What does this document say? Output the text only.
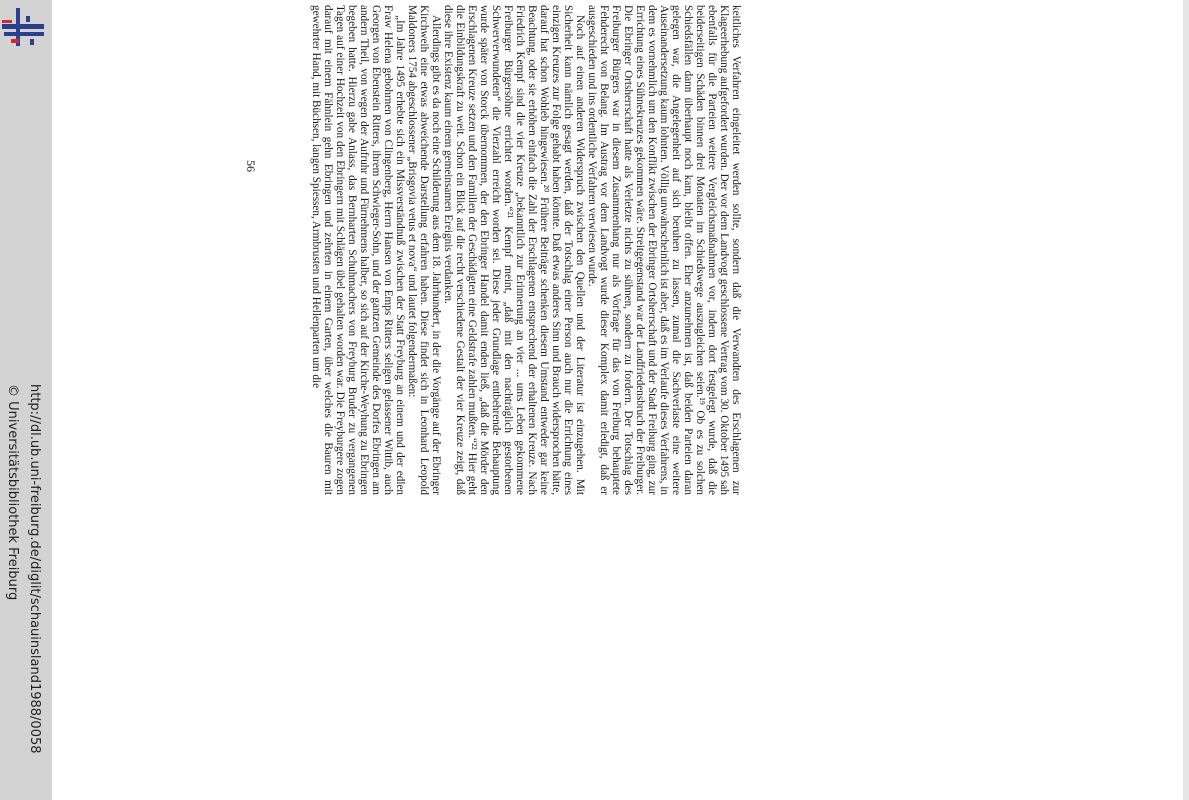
http://dl.ub.uni-freiburg.de/diglit/schauinsland1988/0058
© Universitätsbibliothek Freiburg
56	keitliches Verfahren eingeleitet werden sollte, sondern daß die Verwandten des Erschlagenen zur Klageerhebung aufgefordert wurden. Der vor dem Landvogt geschlossene Vertrag vom 30. Oktober 1495 sah ebenfalls für die Parteien weitere Vergleichsmaßnahmen vor, indem dort festgelegt wurde, daß die beiderseitigen Schäden binnen drei Monaten im Schiedswege auszugleichen seien.¹⁹ Ob es zu solchen Schiedsfällen dann überhaupt noch kam, bleibt offen. Eher anzunehmen ist, daß beiden Parteien daran gelegen war, die Angelegenheit auf sich beruhen zu lassen, zumal die Sachverlaste eine weitere Auseinandersetzung kaum lohnten. Völlig unwahrscheinlich ist aber, daß es im Verlaufe dieses Verfahrens, in dem es vornehmlich um den Konflikt zwischen der Ebringer Ortsherrschaft und der Stadt Freiburg ging, zur Errichtung eines Sühnekreuzes gekommen wäre. Streitgegenstand war der Landfriedensbruch der Freiburger. Die Ebringer Ortsherrschaft hatte als Verletzte nichts zu sühnen, sondern zu fordern. Der Totschlag des Freiburger Bürgers war in diesem Zusammenhang nur als Vorfrage für das von Freiburg behauptete Fehderecht von Belang. Im Austrag vor dem Landvogt wurde dieser Komplex damit erledigt, daß er ausgeschieden und ins ordentliche Verfahren verwiesen wurde.

Noch auf einen anderen Widerspruch zwischen den Quellen und der Literatur ist einzugehen. Mit Sicherheit kann nämlich gesagt werden, daß der Totschlag einer Person auch nur die Errichtung eines einzigen Kreuzes zur Folge gehabt haben könnte. Daß etwas anderes Sinn und Brauch widersprochen hätte, darauf hat schon Wohleb hingewiesen.²⁰ Frühere Beiträge schenken diesem Umstand entweder gar keine Beachtung, oder sie erhöhen einfach die Zahl der Erschlagenen entsprechend der erhaltenen Kreuze. Nach Friedrich Kempf sind die vier Kreuze „bekanntlich zur Erinnerung an vier ... ums Leben gekommene Freiburger Bürgersöhne errichtet worden.“²¹ Kempf meint, „daß mit den nachträglich gestorbenen Schwerverwundeten“ die Vierzahl erreicht worden sei. Diese jeder Grundlage entbehrende Behauptung wurde später von Storck übernommen, der den Ebringer Handel damit enden ließ, „daß die Mörder den Erschlagenen Kreuze setzen und den Familien der Geschädigten eine Geldstrafe zahlen mußten.“²² Hier geht die Einbildungskraft zu weit. Schon ein Blick auf die recht verschiedene Gestalt der vier Kreuze zeigt, daß diese ihre Existenz kaum einem gemeinsamen Ereignis verdanken.

Allerdings gibt es da noch eine Schilderung aus dem 18. Jahrhundert, in der die Vorgänge auf der Ebringer Kirchweih eine etwas abweichende Darstellung erfahren haben. Diese findet sich in Leonhard Leopold Maldoners 1754 abgeschlossener „Brisgovia vetus et nova“ und lautet folgendermaßen:

„Im Jahre 1495 erhebte sich ein Missverständnuß zwischen der Statt Freyburg an einem und der edlen Fraw Helena gebohrnen von Clingenberg, Herrn Hansen von Emps Ritters seligen gelassener Wittib, auch Georgen von Ebenstein Ritters, ihrem Schwieger-Sohn, und der gantzen Gemeinde des Dorfes Ebringen am andern Theil, von wegen der Aufruhr und Fürnehmens halber, so sich auf der Kirche-Weyhung zu Ebringen begeben hatte. Hierzu gabe Anlass, das Bernharten Schuhmachers von Freyburg Bruder zu vergangenen Tagen auf einer Hochzeit von den Ebringern mit Schlägen übel gehalten worden war. Die Freyburgere zogen darauf mit einem Fähnlein gehn Ebringen und zehrten in einem Garten, über welches die Bauren mit gewehrter Hand, mit Büchsen, langen Spiessen, Armbrusten und Hellenparten um die
